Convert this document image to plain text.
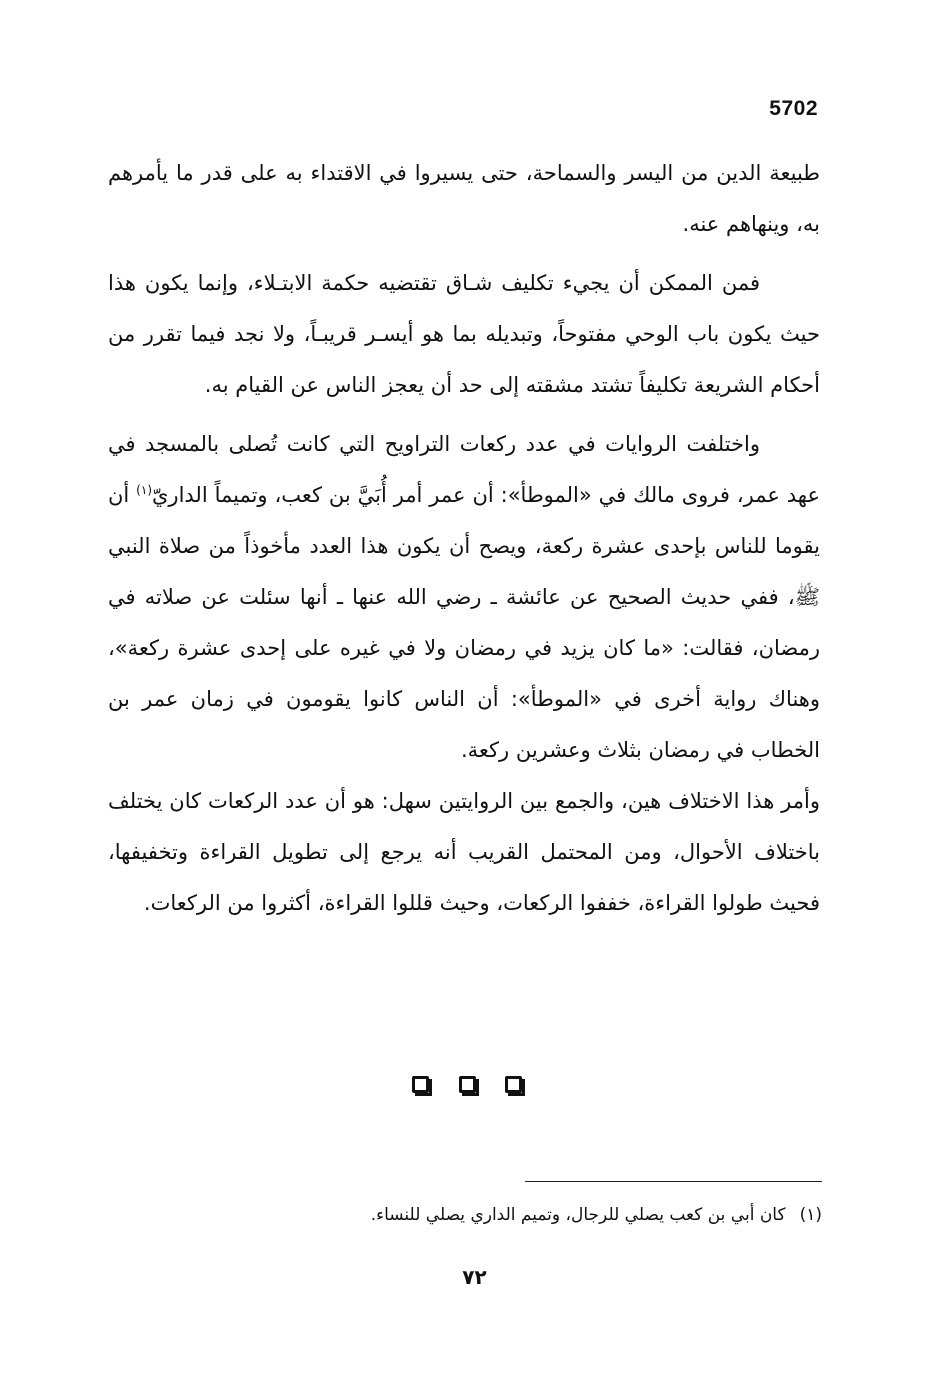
5702

طبيعة الدين من اليسر والسماحة، حتى يسيروا في الاقتداء به على قدر ما يأمرهم به، وينهاهم عنه.

فمن الممكن أن يجيء تكليف شـاق تقتضيه حكمة الابتـلاء، وإنما يكون هذا حيث يكون باب الوحي مفتوحاً، وتبديله بما هو أيسـر قريبـاً، ولا نجد فيما تقرر من أحكام الشريعة تكليفاً تشتد مشقته إلى حد أن يعجز الناس عن القيام به.

واختلفت الروايات في عدد ركعات التراويح التي كانت تُصلى بالمسجد في عهد عمر، فروى مالك في «الموطأ»: أن عمر أمر أُبَيَّ بن كعب، وتميماً الداريّ$^{(١)}$ أن يقوما للناس بإحدى عشرة ركعة، ويصح أن يكون هذا العدد مأخوذاً من صلاة النبي ﷺ، ففي حديث الصحيح عن عائشة ـ رضي الله عنها ـ أنها سئلت عن صلاته في رمضان، فقالت: «ما كان يزيد في رمضان ولا في غيره على إحدى عشرة ركعة»، وهناك رواية أخرى في «الموطأ»: أن الناس كانوا يقومون في زمان عمر بن الخطاب في رمضان بثلاث وعشرين ركعة.

وأمر هذا الاختلاف هين، والجمع بين الروايتين سهل: هو أن عدد الركعات كان يختلف باختلاف الأحوال، ومن المحتمل القريب أنه يرجع إلى تطويل القراءة وتخفيفها، فحيث طولوا القراءة، خففوا الركعات، وحيث قللوا القراءة، أكثروا من الركعات.

(١)كان أبي بن كعب يصلي للرجال، وتميم الداري يصلي للنساء.
٧٢
